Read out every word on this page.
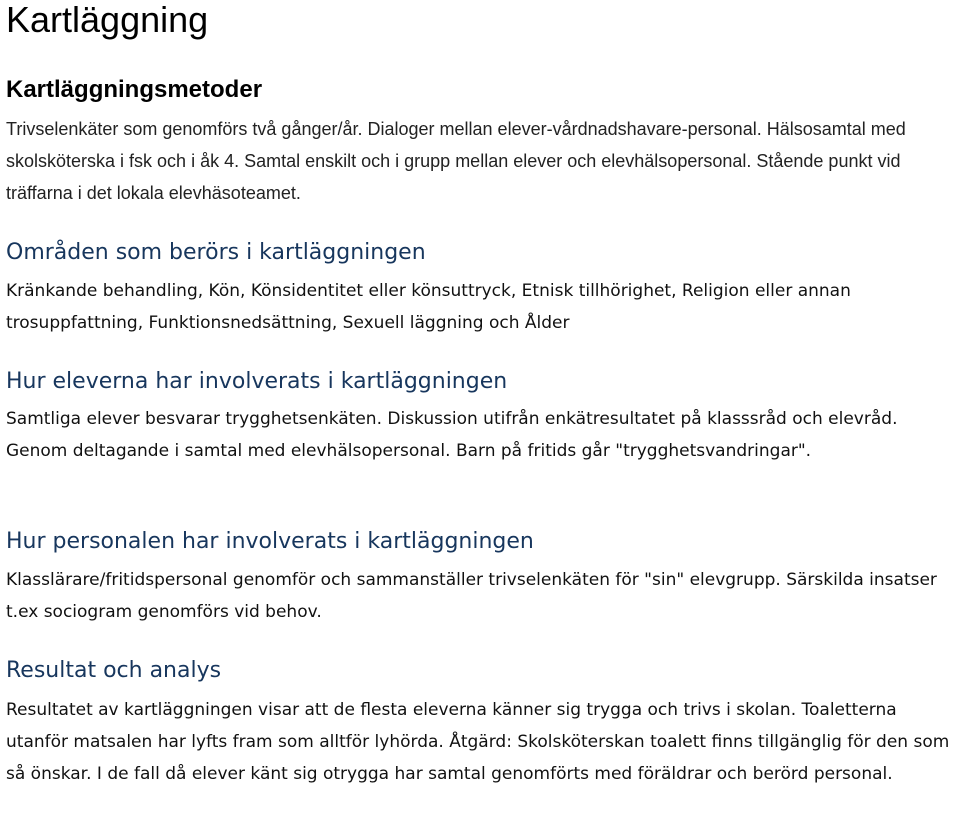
Kartläggning
Kartläggningsmetoder

Trivselenkäter som genomförs två gånger/år. Dialoger mellan elever-vårdnadshavare-personal. Hälsosamtal med skolsköterska i fsk och i åk 4. Samtal enskilt och i grupp mellan elever och elevhälsopersonal. Stående punkt vid träffarna i det lokala elevhäsoteamet.

Områden som berörs i kartläggningen

Kränkande behandling, Kön, Könsidentitet eller könsuttryck, Etnisk tillhörighet, Religion eller annan trosuppfattning, Funktionsnedsättning, Sexuell läggning och Ålder

Hur eleverna har involverats i kartläggningen

Samtliga elever besvarar trygghetsenkäten. Diskussion utifrån enkätresultatet på klasssråd och elevråd. Genom deltagande i samtal med elevhälsopersonal. Barn på fritids går "trygghetsvandringar".

Hur personalen har involverats i kartläggningen

Klasslärare/fritidspersonal genomför och sammanställer trivselenkäten för "sin" elevgrupp. Särskilda insatser t.ex sociogram genomförs vid behov.

Resultat och analys

Resultatet av kartläggningen visar att de flesta eleverna känner sig trygga och trivs i skolan. Toaletterna utanför matsalen har lyfts fram som alltför lyhörda. Åtgärd: Skolsköterskan toalett finns tillgänglig för den som så önskar. I de fall då elever känt sig otrygga har samtal genomförts med föräldrar och berörd personal.
